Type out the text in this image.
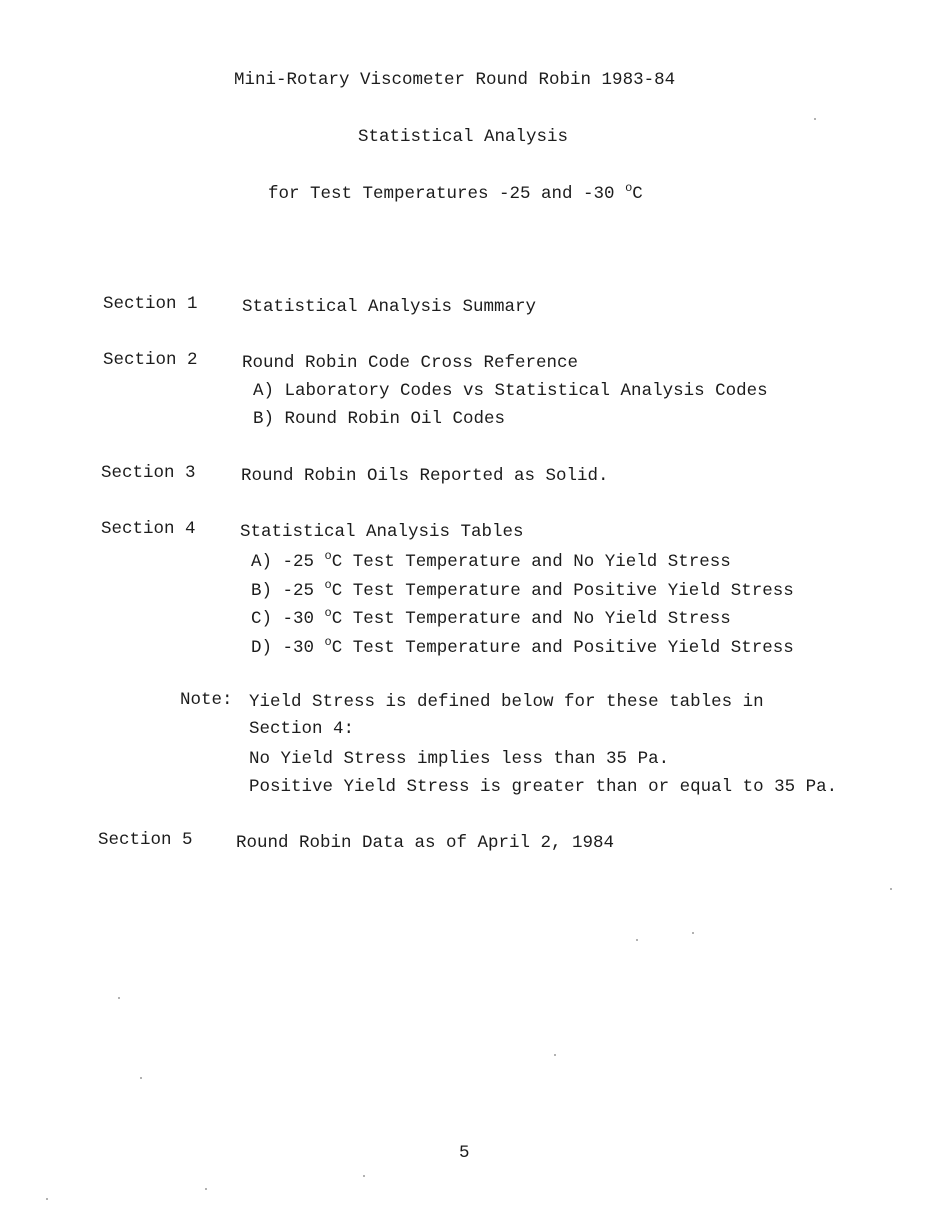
Mini-Rotary Viscometer Round Robin 1983-84

Statistical Analysis

for Test Temperatures -25 and -30 $^o$C

Section 1	Statistical Analysis Summary

Section 2	Round Robin Code Cross Reference

A) Laboratory Codes vs Statistical Analysis Codes

B) Round Robin Oil Codes

Section 3	Round Robin Oils Reported as Solid.

Section 4	Statistical Analysis Tables

A) -25 $^o$C Test Temperature and No Yield Stress

B) -25 $^o$C Test Temperature and Positive Yield Stress

C) -30 $^o$C Test Temperature and No Yield Stress

D) -30 $^o$C Test Temperature and Positive Yield Stress

Note: Yield Stress is defined below for these tables in

Section 4:

No Yield Stress implies less than 35 Pa.

Positive Yield Stress is greater than or equal to 35 Pa.

Section 5 Round Robin Data as of April 2, 1984

5
